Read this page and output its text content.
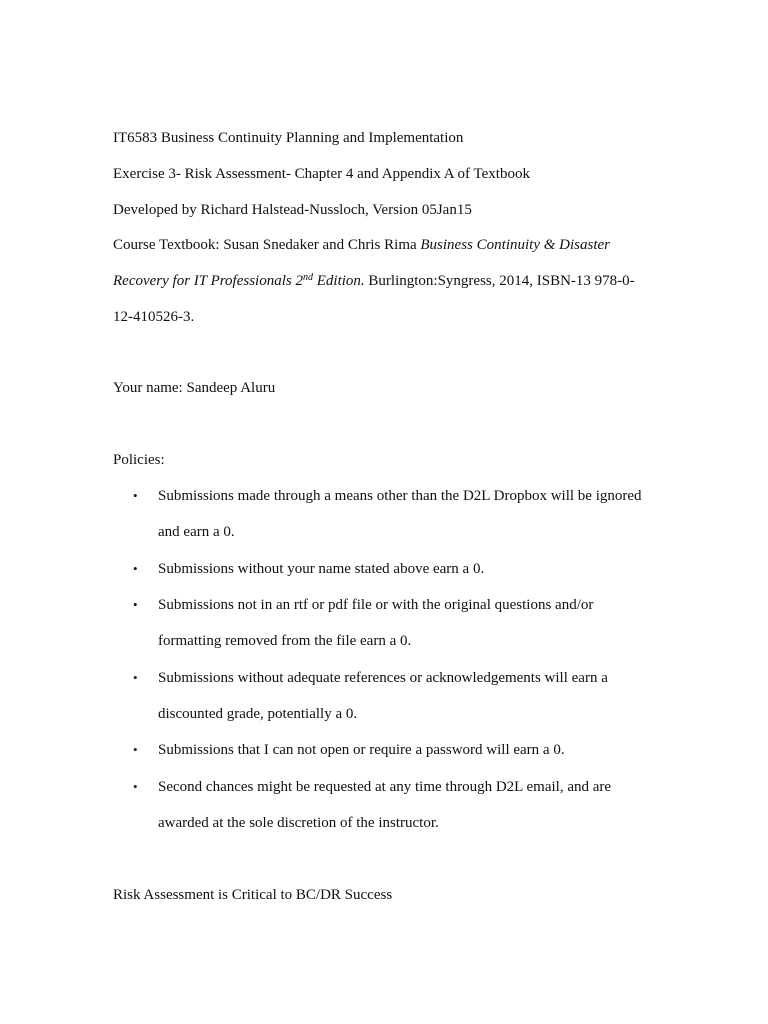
IT6583 Business Continuity Planning and Implementation

Exercise 3- Risk Assessment- Chapter 4 and Appendix A of Textbook

Developed by Richard Halstead-Nussloch, Version 05Jan15

Course Textbook: Susan Snedaker and Chris Rima Business Continuity & Disaster

Recovery for IT Professionals 2nd Edition. Burlington:Syngress, 2014, ISBN-13 978-0-

12-410526-3.

Your name: Sandeep Aluru

Policies:

• Submissions made through a means other than the D2L Dropbox will be ignored
and earn a 0.
• Submissions without your name stated above earn a 0.
• Submissions not in an rtf or pdf file or with the original questions and/or
formatting removed from the file earn a 0.
• Submissions without adequate references or acknowledgements will earn a
discounted grade, potentially a 0.
• Submissions that I can not open or require a password will earn a 0.
• Second chances might be requested at any time through D2L email, and are
awarded at the sole discretion of the instructor.

Risk Assessment is Critical to BC/DR Success
